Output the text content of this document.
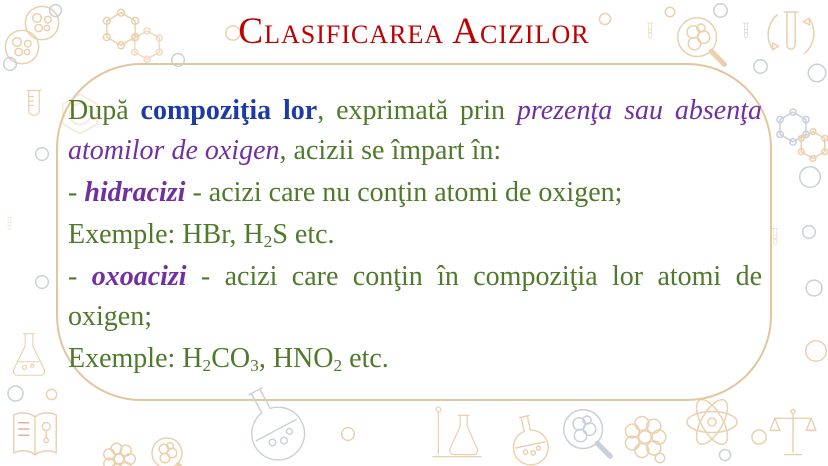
Clasificarea Acizilor

După compoziţia lor, exprimată prin prezenţa sau absenţa atomilor de oxigen, acizii se împart în:

- hidracizi - acizi care nu conţin atomi de oxigen;

Exemple: HBr, $H_2S$ etc.

- oxoacizi - acizi care conţin în compoziţia lor atomi de oxigen;

Exemple: $H_2CO_3$, $HNO_2$ etc.
